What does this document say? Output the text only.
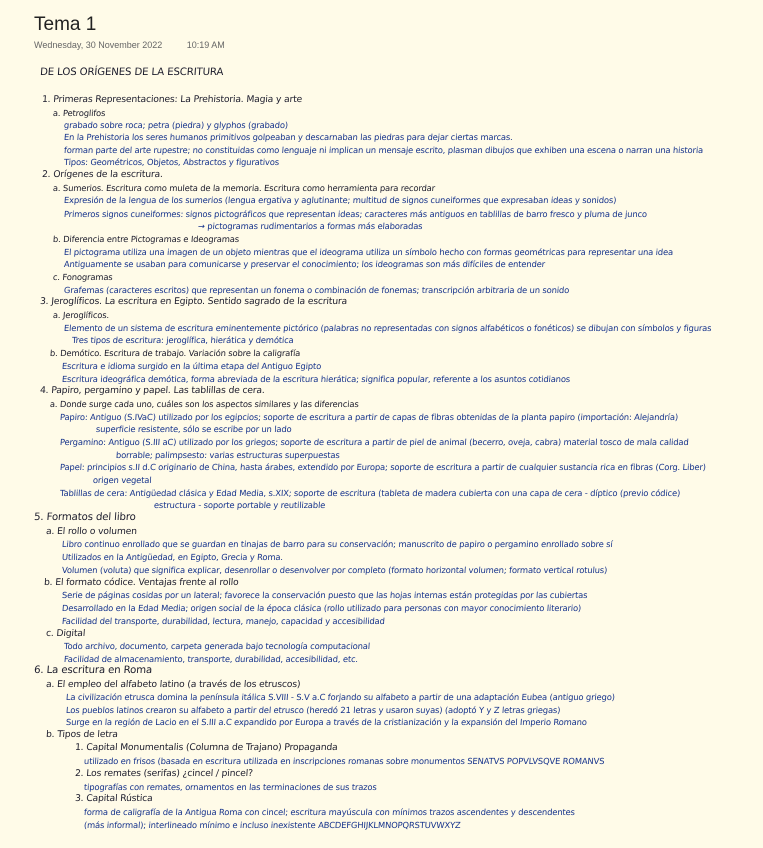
Tema 1
Wednesday, 30 November 2022	10:19 AM
DE LOS ORÍGENES DE LA ESCRITURA
1. Primeras Representaciones: La Prehistoria. Magia y arte
a. Petroglifos
grabado sobre roca; petra (piedra) y glyphos (grabado)
En la Prehistoria los seres humanos primitivos golpeaban y descarnaban las piedras para dejar ciertas marcas.
forman parte del arte rupestre; no constituidas como lenguaje ni implican un mensaje escrito, plasman dibujos que exhiben una escena o narran una historia
Tipos: Geométricos, Objetos, Abstractos y figurativos
2. Orígenes de la escritura.
a. Sumerios. Escritura como muleta de la memoria. Escritura como herramienta para recordar
Expresión de la lengua de los sumerios (lengua ergativa y aglutinante; multitud de signos cuneiformes que expresaban ideas y sonidos)
Primeros signos cuneiformes: signos pictográficos que representan ideas; caracteres más antiguos en tablillas de barro fresco y pluma de junco
→ pictogramas rudimentarios a formas más elaboradas
b. Diferencia entre Pictogramas e Ideogramas
El pictograma utiliza una imagen de un objeto mientras que el ideograma utiliza un símbolo hecho con formas geométricas para representar una idea
Antiguamente se usaban para comunicarse y preservar el conocimiento; los ideogramas son más difíciles de entender
c. Fonogramas
Grafemas (caracteres escritos) que representan un fonema o combinación de fonemas; transcripción arbitraria de un sonido
3. Jeroglíficos. La escritura en Egipto. Sentido sagrado de la escritura
a. Jeroglíficos.
Elemento de un sistema de escritura eminentemente pictórico (palabras no representadas con signos alfabéticos o fonéticos) se dibujan con símbolos y figuras
Tres tipos de escritura: jeroglífica, hierática y demótica
b. Demótico. Escritura de trabajo. Variación sobre la caligrafía
Escritura e idioma surgido en la última etapa del Antiguo Egipto
Escritura ideográfica demótica, forma abreviada de la escritura hierática; significa popular, referente a los asuntos cotidianos
4. Papiro, pergamino y papel. Las tablillas de cera.
a. Donde surge cada uno, cuáles son los aspectos similares y las diferencias
Papiro: Antiguo (S.IVaC) utilizado por los egipcios; soporte de escritura a partir de capas de fibras obtenidas de la planta papiro (importación: Alejandría)
superficie resistente, sólo se escribe por un lado
Pergamino: Antiguo (S.III aC) utilizado por los griegos; soporte de escritura a partir de piel de animal (becerro, oveja, cabra) material tosco de mala calidad
borrable; palimpsesto: varias estructuras superpuestas
Papel: principios s.II d.C originario de China, hasta árabes, extendido por Europa; soporte de escritura a partir de cualquier sustancia rica en fibras (Corg. Liber)
origen vegetal
Tablillas de cera: Antigüedad clásica y Edad Media, s.XIX; soporte de escritura (tableta de madera cubierta con una capa de cera - díptico (previo códice)
estructura - soporte portable y reutilizable
5. Formatos del libro
a. El rollo o volumen
Libro continuo enrollado que se guardan en tinajas de barro para su conservación; manuscrito de papiro o pergamino enrollado sobre sí
Utilizados en la Antigüedad, en Egipto, Grecia y Roma.
Volumen (voluta) que significa explicar, desenrollar o desenvolver por completo (formato horizontal volumen; formato vertical rotulus)
b. El formato códice. Ventajas frente al rollo
Serie de páginas cosidas por un lateral; favorece la conservación puesto que las hojas internas están protegidas por las cubiertas
Desarrollado en la Edad Media; origen social de la época clásica (rollo utilizado para personas con mayor conocimiento literario)
Facilidad del transporte, durabilidad, lectura, manejo, capacidad y accesibilidad
c. Digital
Todo archivo, documento, carpeta generada bajo tecnología computacional
Facilidad de almacenamiento, transporte, durabilidad, accesibilidad, etc.
6. La escritura en Roma
a. El empleo del alfabeto latino (a través de los etruscos)
La civilización etrusca domina la península itálica S.VIII - S.V a.C forjando su alfabeto a partir de una adaptación Eubea (antiguo griego)
Los pueblos latinos crearon su alfabeto a partir del etrusco (heredó 21 letras y usaron suyas) (adoptó Y y Z letras griegas)
Surge en la región de Lacio en el S.III a.C expandido por Europa a través de la cristianización y la expansión del Imperio Romano
b. Tipos de letra
1. Capital Monumentalis (Columna de Trajano) Propaganda
utilizado en frisos (basada en escritura utilizada en inscripciones romanas sobre monumentos SENATVS POPVLVSQVE ROMANVS
2. Los remates (serifas) ¿cincel / pincel?
tipografías con remates, ornamentos en las terminaciones de sus trazos
3. Capital Rústica
forma de caligrafía de la Antigua Roma con cincel; escritura mayúscula con mínimos trazos ascendentes y descendentes
(más informal); interlineado mínimo e incluso inexistente ABCDEFGHIJKLMNOPQRSTUVWXYZ
